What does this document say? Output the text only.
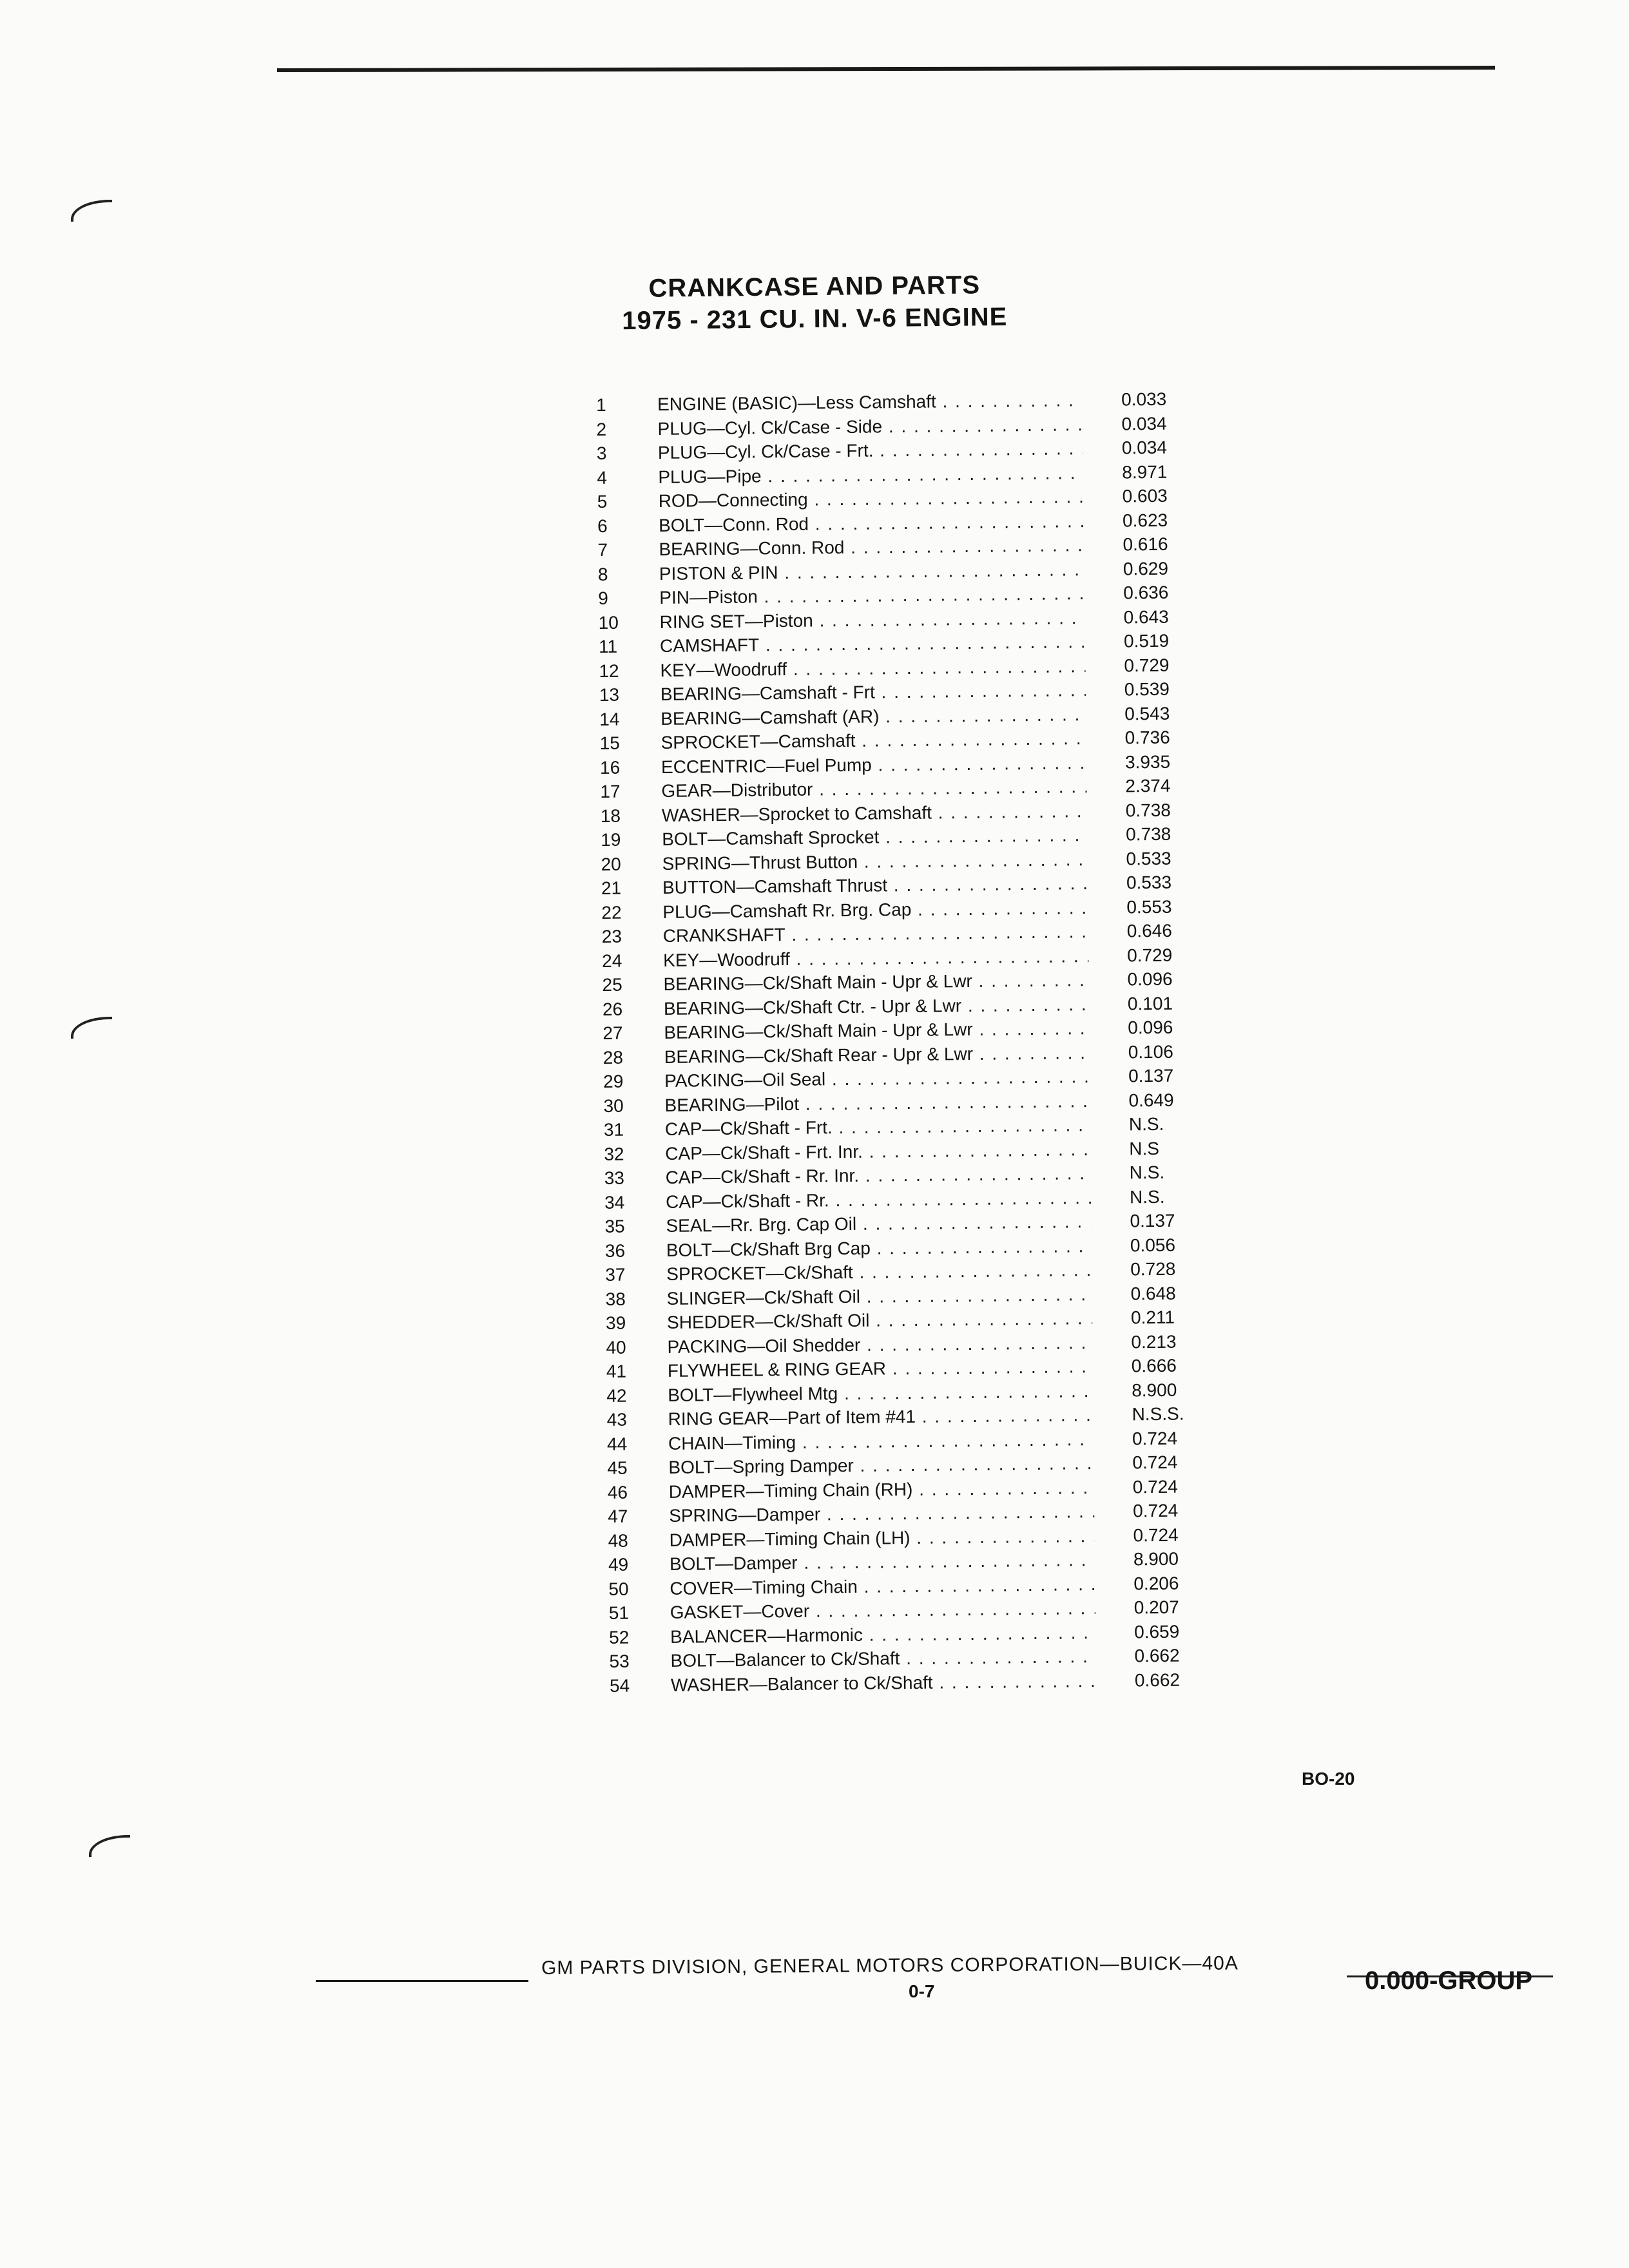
CRANKCASE AND PARTS
1975 - 231 CU. IN. V-6 ENGINE
1	ENGINE (BASIC)—Less Camshaft . . .	0.033
2	PLUG—Cyl. Ck/Case - Side . . .	0.034
3	PLUG—Cyl. Ck/Case - Frt. . . .	0.034
4	PLUG—Pipe . . .	8.971
5	ROD—Connecting . . .	0.603
6	BOLT—Conn. Rod . . .	0.623
7	BEARING—Conn. Rod . . .	0.616
8	PISTON & PIN . . .	0.629
9	PIN—Piston . . .	0.636
10	RING SET—Piston . . .	0.643
11	CAMSHAFT . . .	0.519
12	KEY—Woodruff . . .	0.729
13	BEARING—Camshaft - Frt . . .	0.539
14	BEARING—Camshaft (AR) . . .	0.543
15	SPROCKET—Camshaft . . .	0.736
16	ECCENTRIC—Fuel Pump . . .	3.935
17	GEAR—Distributor . . .	2.374
18	WASHER—Sprocket to Camshaft . . .	0.738
19	BOLT—Camshaft Sprocket . . .	0.738
20	SPRING—Thrust Button . . .	0.533
21	BUTTON—Camshaft Thrust . . .	0.533
22	PLUG—Camshaft Rr. Brg. Cap . . .	0.553
23	CRANKSHAFT . . .	0.646
24	KEY—Woodruff . . .	0.729
25	BEARING—Ck/Shaft Main - Upr & Lwr . . .	0.096
26	BEARING—Ck/Shaft Ctr. - Upr & Lwr . . .	0.101
27	BEARING—Ck/Shaft Main - Upr & Lwr . . .	0.096
28	BEARING—Ck/Shaft Rear - Upr & Lwr . . .	0.106
29	PACKING—Oil Seal . . .	0.137
30	BEARING—Pilot . . .	0.649
31	CAP—Ck/Shaft - Frt. . . .	N.S.
32	CAP—Ck/Shaft - Frt. Inr. . . .	N.S
33	CAP—Ck/Shaft - Rr. Inr. . . .	N.S.
34	CAP—Ck/Shaft - Rr. . . .	N.S.
35	SEAL—Rr. Brg. Cap Oil . . .	0.137
36	BOLT—Ck/Shaft Brg Cap . . .	0.056
37	SPROCKET—Ck/Shaft . . .	0.728
38	SLINGER—Ck/Shaft Oil . . .	0.648
39	SHEDDER—Ck/Shaft Oil . . .	0.211
40	PACKING—Oil Shedder . . .	0.213
41	FLYWHEEL & RING GEAR . . .	0.666
42	BOLT—Flywheel Mtg . . .	8.900
43	RING GEAR—Part of Item #41 . . .	N.S.S.
44	CHAIN—Timing . . .	0.724
45	BOLT—Spring Damper . . .	0.724
46	DAMPER—Timing Chain (RH) . . .	0.724
47	SPRING—Damper . . .	0.724
48	DAMPER—Timing Chain (LH) . . .	0.724
49	BOLT—Damper . . .	8.900
50	COVER—Timing Chain . . .	0.206
51	GASKET—Cover . . .	0.207
52	BALANCER—Harmonic . . .	0.659
53	BOLT—Balancer to Ck/Shaft . . .	0.662
54	WASHER—Balancer to Ck/Shaft . . .	0.662
BO-20
GM PARTS DIVISION, GENERAL MOTORS CORPORATION—BUICK—40A
0-7	0.000-GROUP
